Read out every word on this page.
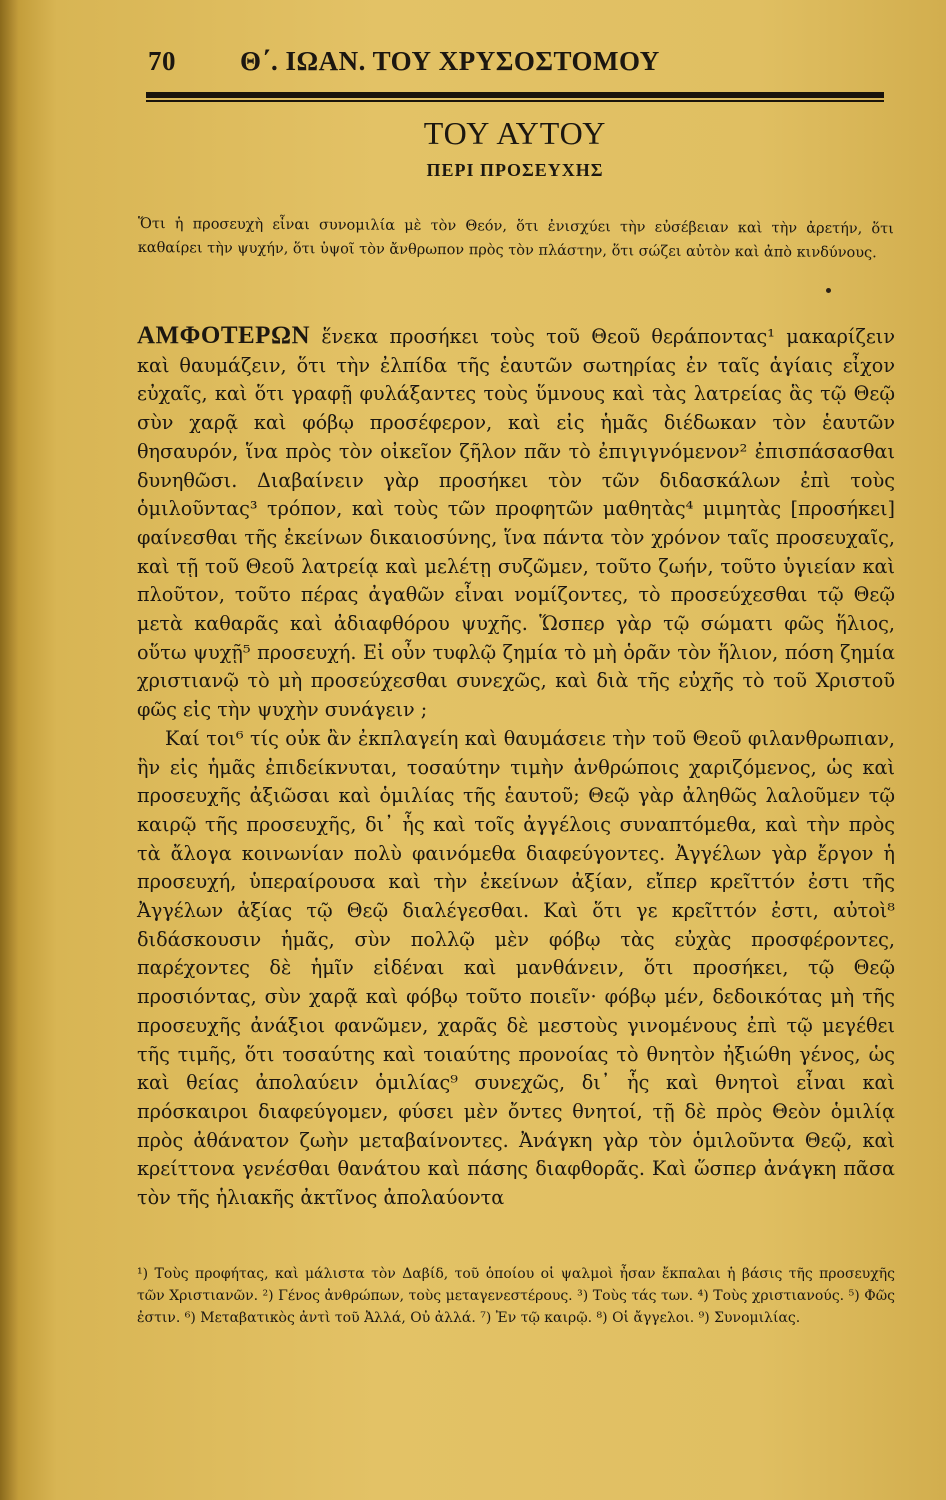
70 Θ΄. ΙΩΑΝ. ΤΟΥ ΧΡΥΣΟΣΤΟΜΟΥ
ΤΟΥ ΑΥΤΟΥ
ΠΕΡΙ ΠΡΟΣΕΥΧΗΣ
Ὅτι ἡ προσευχὴ εἶναι συνομιλία μὲ τὸν Θεόν, ὅτι ἐνισχύει τὴν εὐσέβειαν καὶ τὴν ἀρετήν, ὅτι καθαίρει τὴν ψυχήν, ὅτι ὑψοῖ τὸν ἄνθρωπον πρὸς τὸν πλάστην, ὅτι σώζει αὐτὸν καὶ ἀπὸ κινδύνους.

ΑΜΦΟΤΕΡΩΝ ἕνεκα προσήκει τοὺς τοῦ Θεοῦ θεράποντας¹ μακαρίζειν καὶ θαυμάζειν, ὅτι τὴν ἐλπίδα τῆς ἑαυτῶν σωτηρίας ἐν ταῖς ἁγίαις εἶχον εὐχαῖς, καὶ ὅτι γραφῇ φυλάξαντες τοὺς ὕμνους καὶ τὰς λατρείας ἃς τῷ Θεῷ σὺν χαρᾷ καὶ φόβῳ προσέφερον, καὶ εἰς ἡμᾶς διέδωκαν τὸν ἑαυτῶν θησαυρόν, ἵνα πρὸς τὸν οἰκεῖον ζῆλον πᾶν τὸ ἐπιγιγνόμενον² ἐπισπάσασθαι δυνηθῶσι. Διαβαίνειν γὰρ προσήκει τὸν τῶν διδασκάλων ἐπὶ τοὺς ὁμιλοῦντας³ τρόπον, καὶ τοὺς τῶν προφητῶν μαθητὰς⁴ μιμητὰς [προσήκει] φαίνεσθαι τῆς ἐκείνων δικαιοσύνης, ἵνα πάντα τὸν χρόνον ταῖς προσευχαῖς, καὶ τῇ τοῦ Θεοῦ λατρείᾳ καὶ μελέτῃ συζῶμεν, τοῦτο ζωήν, τοῦτο ὑγιείαν καὶ πλοῦτον, τοῦτο πέρας ἀγαθῶν εἶναι νομίζοντες, τὸ προσεύχεσθαι τῷ Θεῷ μετὰ καθαρᾶς καὶ ἀδιαφθόρου ψυχῆς. Ὥσπερ γὰρ τῷ σώματι φῶς ἥλιος, οὕτω ψυχῇ⁵ προσευχή. Εἰ οὖν τυφλῷ ζημία τὸ μὴ ὁρᾶν τὸν ἥλιον, πόση ζημία χριστιανῷ τὸ μὴ προσεύχεσθαι συνεχῶς, καὶ διὰ τῆς εὐχῆς τὸ τοῦ Χριστοῦ φῶς εἰς τὴν ψυχὴν συνάγειν ;

Καί τοι⁶ τίς οὐκ ἂν ἐκπλαγείη καὶ θαυμάσειε τὴν τοῦ Θεοῦ φιλανθρωπιαν, ἣν εἰς ἡμᾶς ἐπιδείκνυται, τοσαύτην τιμὴν ἀνθρώποις χαριζόμενος, ὡς καὶ προσευχῆς ἀξιῶσαι καὶ ὁμιλίας τῆς ἑαυτοῦ; Θεῷ γὰρ ἀληθῶς λαλοῦμεν τῷ καιρῷ τῆς προσευχῆς, δι᾽ ἧς καὶ τοῖς ἀγγέλοις συναπτόμεθα, καὶ τὴν πρὸς τὰ ἄλογα κοινωνίαν πολὺ φαινόμεθα διαφεύγοντες. Ἀγγέλων γὰρ ἔργον ἡ προσευχή, ὑπεραίρουσα καὶ τὴν ἐκείνων ἀξίαν, εἴπερ κρεῖττόν ἐστι τῆς Ἀγγέλων ἀξίας τῷ Θεῷ διαλέγεσθαι. Καὶ ὅτι γε κρεῖττόν ἐστι, αὐτοὶ⁸ διδάσκουσιν ἡμᾶς, σὺν πολλῷ μὲν φόβῳ τὰς εὐχὰς προσφέροντες, παρέχοντες δὲ ἡμῖν εἰδέναι καὶ μανθάνειν, ὅτι προσήκει, τῷ Θεῷ προσιόντας, σὺν χαρᾷ καὶ φόβῳ τοῦτο ποιεῖν· φόβῳ μέν, δεδοικότας μὴ τῆς προσευχῆς ἀνάξιοι φανῶμεν, χαρᾶς δὲ μεστοὺς γινομένους ἐπὶ τῷ μεγέθει τῆς τιμῆς, ὅτι τοσαύτης καὶ τοιαύτης προνοίας τὸ θνητὸν ἠξιώθη γένος, ὡς καὶ θείας ἀπολαύειν ὁμιλίας⁹ συνεχῶς, δι᾽ ἧς καὶ θνητοὶ εἶναι καὶ πρόσκαιροι διαφεύγομεν, φύσει μὲν ὄντες θνητοί, τῇ δὲ πρὸς Θεὸν ὁμιλίᾳ πρὸς ἀθάνατον ζωὴν μεταβαίνοντες. Ἀνάγκη γὰρ τὸν ὁμιλοῦντα Θεῷ, καὶ κρείττονα γενέσθαι θανάτου καὶ πάσης διαφθορᾶς. Καὶ ὥσπερ ἀνάγκη πᾶσα τὸν τῆς ἡλιακῆς ἀκτῖνος ἀπολαύοντα

¹) Τοὺς προφήτας, καὶ μάλιστα τὸν Δαβίδ, τοῦ ὁποίου οἱ ψαλμοὶ ἦσαν ἔκπαλαι ἡ βάσις τῆς προσευχῆς τῶν Χριστιανῶν. ²) Γένος ἀνθρώπων, τοὺς μεταγενεστέρους. ³) Τοὺς τάς των. ⁴) Τοὺς χριστιανούς. ⁵) Φῶς ἐστιν. ⁶) Μεταβατικὸς ἀντὶ τοῦ Ἀλλά, Οὐ ἀλλά. ⁷) Ἐν τῷ καιρῷ. ⁸) Οἱ ἄγγελοι. ⁹) Συνομιλίας.
